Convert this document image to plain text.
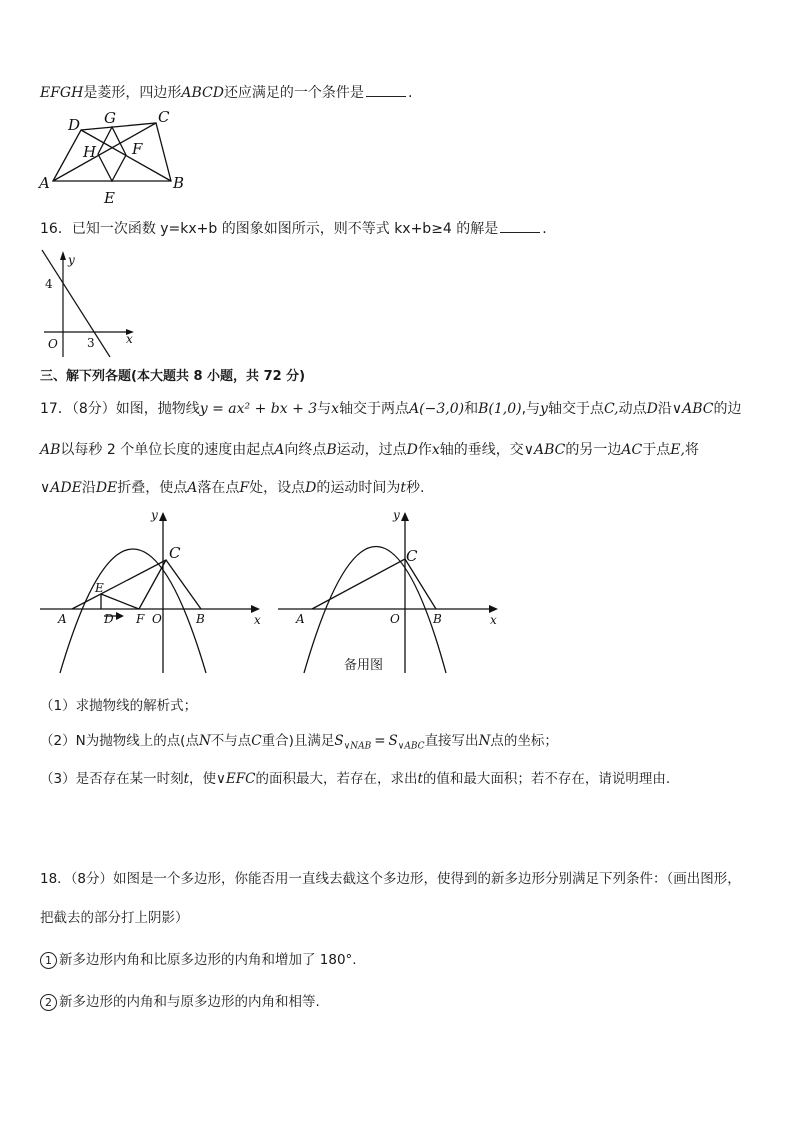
EFGH是菱形，四边形ABCD还应满足的一个条件是	.
A	B
C
D
E
F
G
H
16．已知一次函数 y=kx+b 的图象如图所示，则不等式 kx+b≥4 的解是	.
y
x
O
4
3
三、解下列各题(本大题共 8 小题，共 72 分)
17．（8分）如图，抛物线y = ax² + bx + 3与x轴交于两点A(−3,0)和B(1,0),与y轴交于点C,动点D沿∨ABC的边
AB以每秒 2 个单位长度的速度由起点A向终点B运动，过点D作x轴的垂线，交∨ABC的另一边AC于点E,将
∨ADE沿DE折叠，使点A落在点F处，设点D的运动时间为t秒.
y
x
C
E
A	D F O	B
y
x
C
A	O	B
备用图
（1）求抛物线的解析式；
（2）N为抛物线上的点(点N不与点C重合)且满足$S_{\vee NAB} = S_{\vee ABC}$直接写出N点的坐标；
（3）是否存在某一时刻t，使∨EFC的面积最大，若存在，求出t的值和最大面积；若不存在，请说明理由.
18．（8分）如图是一个多边形，你能否用一直线去截这个多边形，使得到的新多边形分别满足下列条件：（画出图形，
把截去的部分打上阴影）
1 新多边形内角和比原多边形的内角和增加了 180°.
2 新多边形的内角和与原多边形的内角和相等.
